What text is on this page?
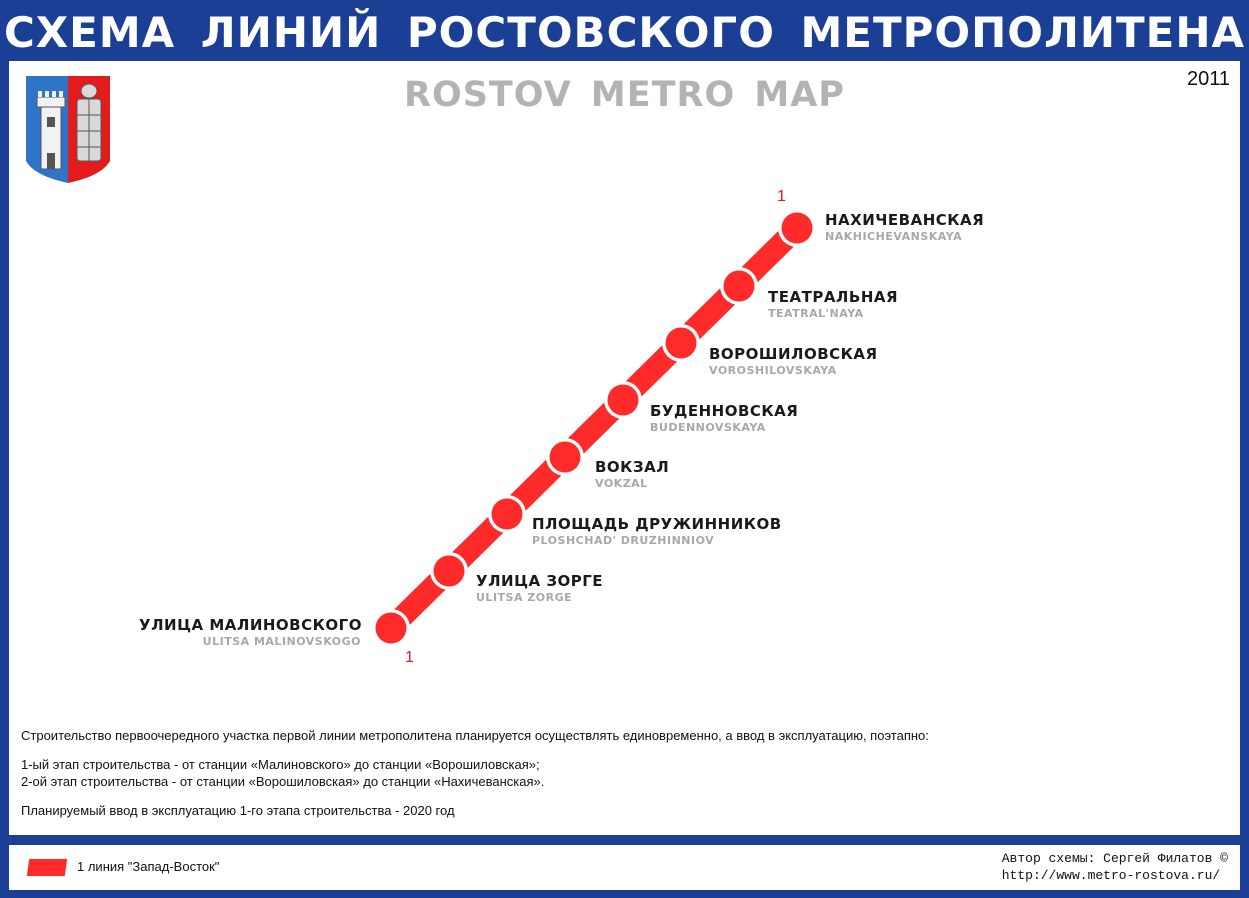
СХЕМА ЛИНИЙ РОСТОВСКОГО МЕТРОПОЛИТЕНА
ROSTOV METRO MAP	2011
1
1
НАХИЧЕВАНСКАЯ
NAKHICHEVANSKAYA
ТЕАТРАЛЬНАЯ
TEATRAL'NAYA
ВОРОШИЛОВСКАЯ
VOROSHILOVSKAYA
БУДЕННОВСКАЯ
BUDENNOVSKAYA
ВОКЗАЛ
VOKZAL
ПЛОЩАДЬ ДРУЖИННИКОВ
PLOSHCHAD' DRUZHINNIOV
УЛИЦА ЗОРГЕ
ULITSA ZORGE
УЛИЦА МАЛИНОВСКОГО
ULITSA MALINOVSKOGO

Строительство первоочередного участка первой линии метрополитена планируется осуществлять единовременно, а ввод в эксплуатацию, поэтапно:

1-ый этап строительства - от станции «Малиновского» до станции «Ворошиловская»;

2-ой этап строительства - от станции «Ворошиловская» до станции «Нахичеванская».

Планируемый ввод в эксплуатацию 1-го этапа строительства - 2020 год

1 линия "Запад-Восток"
Автор схемы: Сергей Филатов ©
http://www.metro-rostova.ru/
